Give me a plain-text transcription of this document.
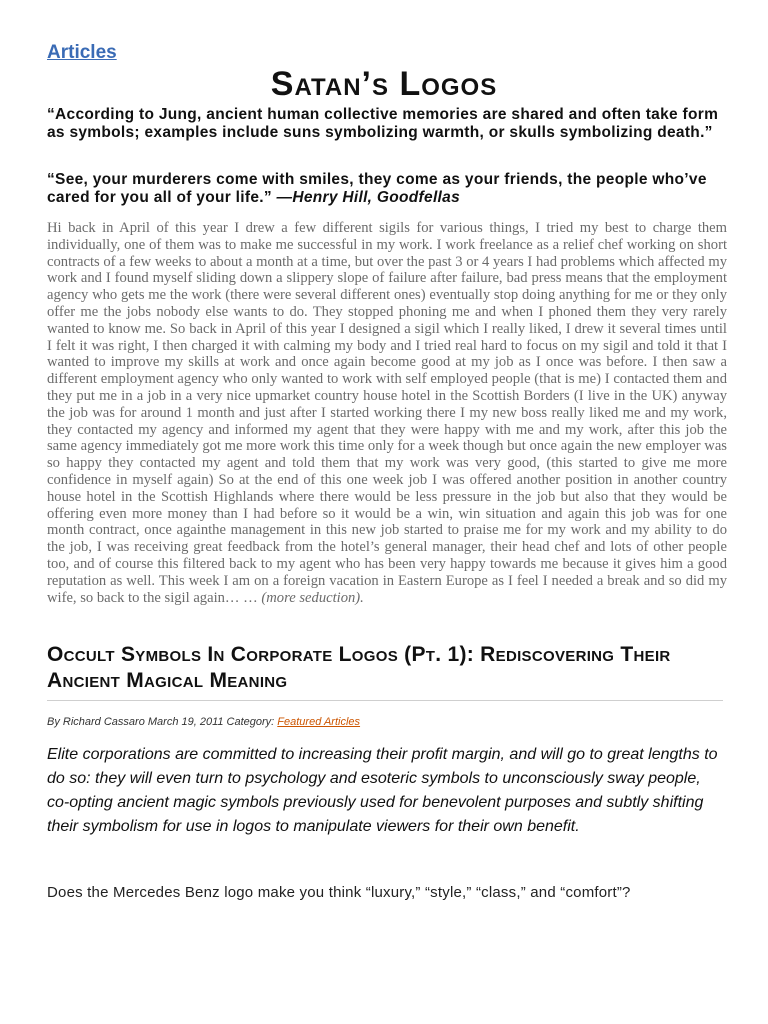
Articles
Satan’s Logos

“According to Jung, ancient human collective memories are shared and often take form as symbols; examples include suns symbolizing warmth, or skulls symbolizing death.”

“See, your murderers come with smiles, they come as your friends, the people who’ve cared for you all of your life.” —Henry Hill, Goodfellas

Hi back in April of this year I drew a few different sigils for various things, I tried my best to charge them individually, one of them was to make me successful in my work. I work freelance as a relief chef working on short contracts of a few weeks to about a month at a time, but over the past 3 or 4 years I had problems which affected my work and I found myself sliding down a slippery slope of failure after failure, bad press means that the employment agency who gets me the work (there were several different ones) eventually stop doing anything for me or they only offer me the jobs nobody else wants to do. They stopped phoning me and when I phoned them they very rarely wanted to know me. So back in April of this year I designed a sigil which I really liked, I drew it several times until I felt it was right, I then charged it with calming my body and I tried real hard to focus on my sigil and told it that I wanted to improve my skills at work and once again become good at my job as I once was before. I then saw a different employment agency who only wanted to work with self employed people (that is me) I contacted them and they put me in a job in a very nice upmarket country house hotel in the Scottish Borders (I live in the UK) anyway the job was for around 1 month and just after I started working there I my new boss really liked me and my work, they contacted my agency and informed my agent that they were happy with me and my work, after this job the same agency immediately got me more work this time only for a week though but once again the new employer was so happy they contacted my agent and told them that my work was very good, (this started to give me more confidence in myself again) So at the end of this one week job I was offered another position in another country house hotel in the Scottish Highlands where there would be less pressure in the job but also that they would be offering even more money than I had before so it would be a win, win situation and again this job was for one month contract, once againthe management in this new job started to praise me for my work and my ability to do the job, I was receiving great feedback from the hotel’s general manager, their head chef and lots of other people too, and of course this filtered back to my agent who has been very happy towards me because it gives him a good reputation as well. This week I am on a foreign vacation in Eastern Europe as I feel I needed a break and so did my wife, so back to the sigil again… … (more seduction).

Occult Symbols In Corporate Logos (Pt. 1): Rediscovering Their Ancient Magical Meaning
By Richard Cassaro March 19, 2011 Category: Featured Articles

Elite corporations are committed to increasing their profit margin, and will go to great lengths to do so: they will even turn to psychology and esoteric symbols to unconsciously sway people, co-opting ancient magic symbols previously used for benevolent purposes and subtly shifting their symbolism for use in logos to manipulate viewers for their own benefit.

Does the Mercedes Benz logo make you think “luxury,” “style,” “class,” and “comfort”?
